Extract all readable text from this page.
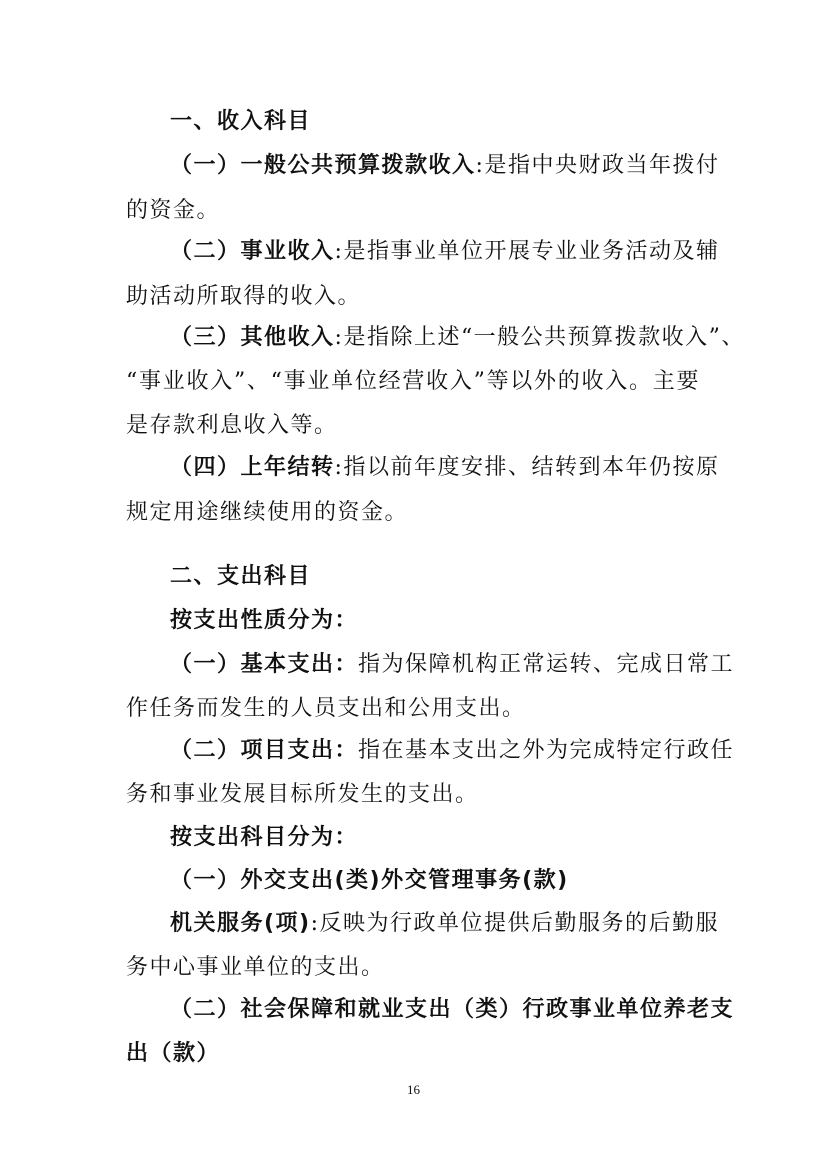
一、收入科目
（一）一般公共预算拨款收入:是指中央财政当年拨付
的资金。
（二）事业收入:是指事业单位开展专业业务活动及辅
助活动所取得的收入。
（三）其他收入:是指除上述“一般公共预算拨款收入”、
“事业收入”、“事业单位经营收入”等以外的收入。主要
是存款利息收入等。
（四）上年结转:指以前年度安排、结转到本年仍按原
规定用途继续使用的资金。
二、支出科目
按支出性质分为：
（一）基本支出：指为保障机构正常运转、完成日常工
作任务而发生的人员支出和公用支出。
（二）项目支出：指在基本支出之外为完成特定行政任
务和事业发展目标所发生的支出。
按支出科目分为：
（一）外交支出(类)外交管理事务(款)
机关服务(项):反映为行政单位提供后勤服务的后勤服
务中心事业单位的支出。
（二）社会保障和就业支出（类）行政事业单位养老支
出（款）
16
